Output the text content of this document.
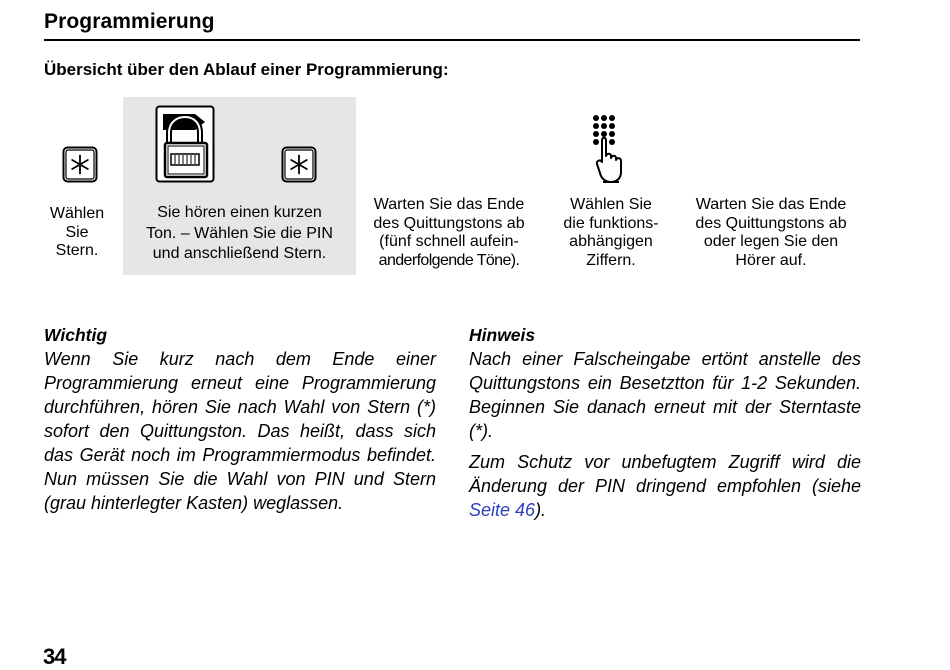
Programmierung
Übersicht über den Ablauf einer Programmierung:
Wählen
Sie
Stern.
Sie hören einen kurzen
Ton. – Wählen Sie die PIN
und anschließend Stern.
Warten Sie das Ende
des Quittungstons ab
(fünf schnell aufein-
anderfolgende Töne).
Wählen Sie
die funktions-
abhängigen
Ziffern.
Warten Sie das Ende
des Quittungstons ab
oder legen Sie den
Hörer auf.
Wichtig

Wenn Sie kurz nach dem Ende einer Programmierung erneut eine Programmierung durchführen, hören Sie nach Wahl von Stern (*) sofort den Quittungston. Das heißt, dass sich das Gerät noch im Programmiermodus befindet. Nun müssen Sie die Wahl von PIN und Stern (grau hinterlegter Kasten) weglassen.

Hinweis

Nach einer Falscheingabe ertönt anstelle des Quittungstons ein Besetztton für 1-2 Sekunden. Beginnen Sie danach erneut mit der Sterntaste (*).

Zum Schutz vor unbefugtem Zugriff wird die Änderung der PIN dringend empfohlen (siehe Seite 46).

34
